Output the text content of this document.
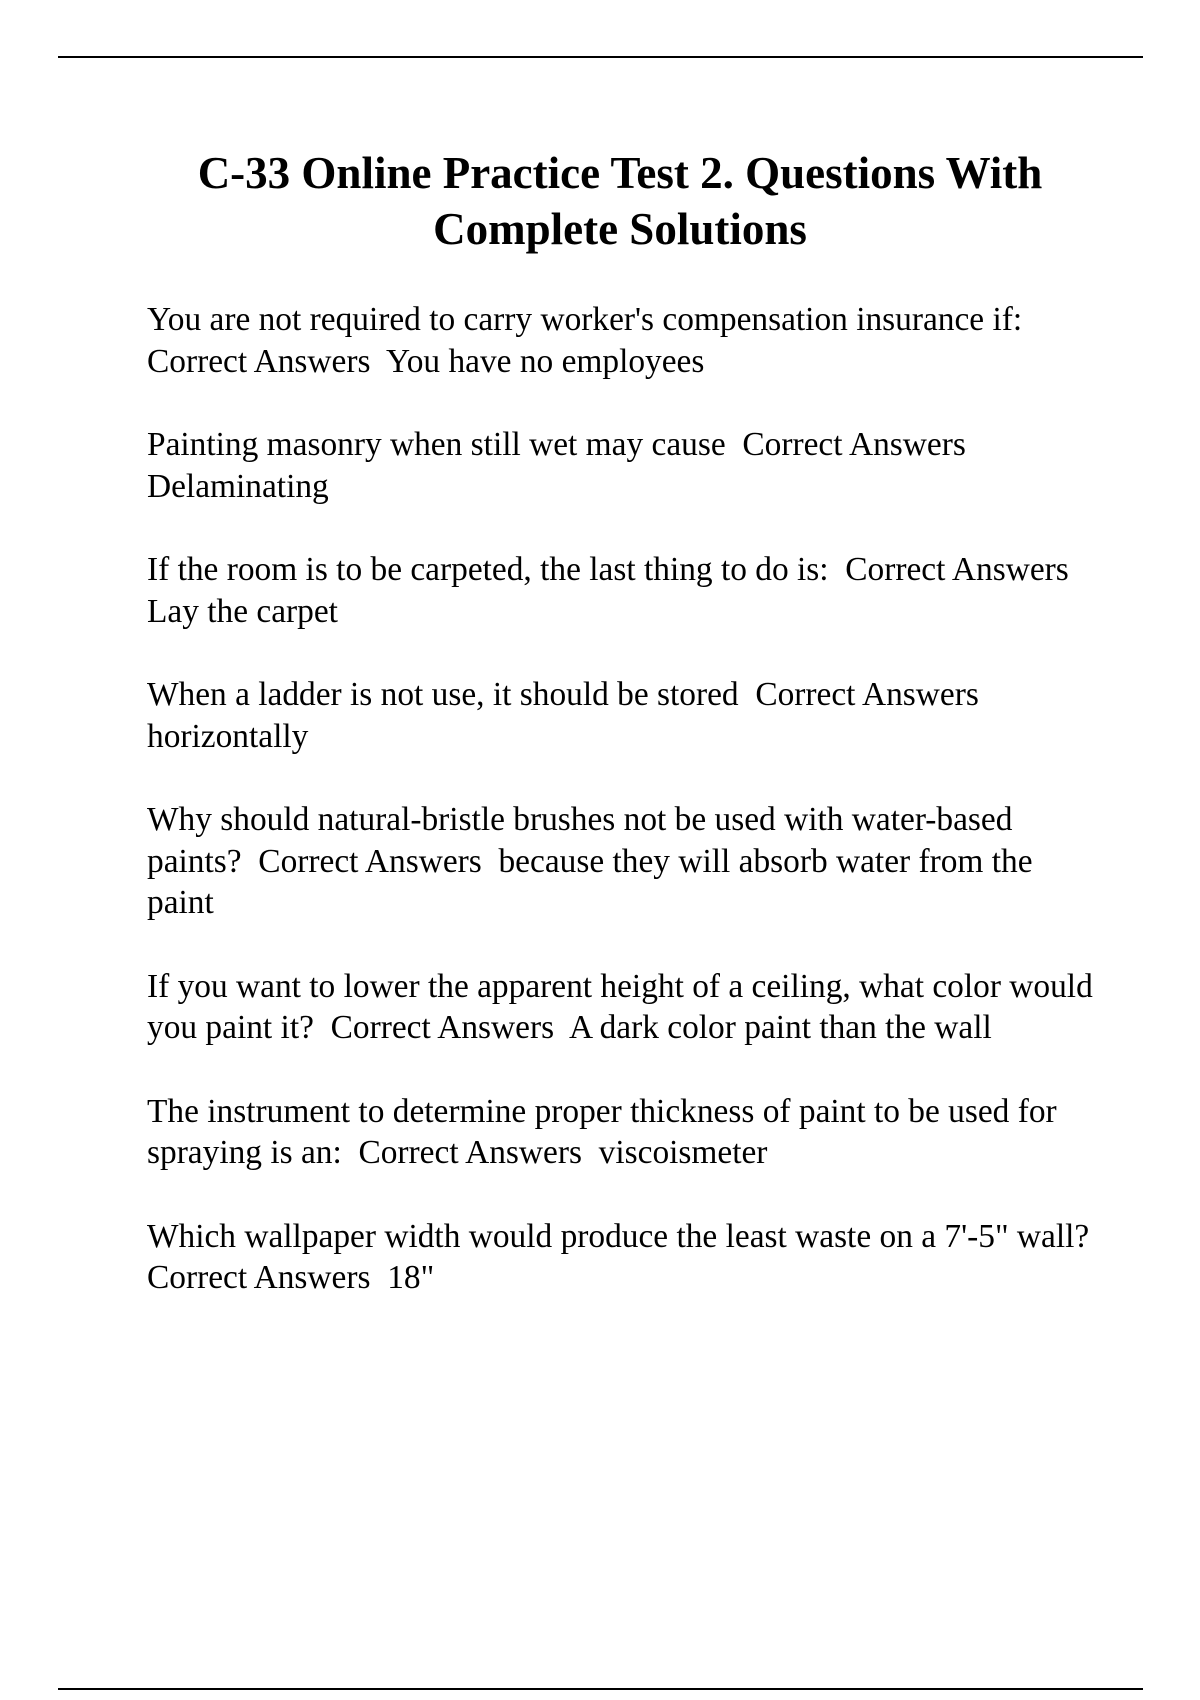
C-33 Online Practice Test 2. Questions With Complete Solutions
You are not required to carry worker's compensation insurance if:  Correct Answers You have no employees
Painting masonry when still wet may cause Correct Answers  Delaminating
If the room is to be carpeted, the last thing to do is: Correct Answers  Lay the carpet
When a ladder is not use, it should be stored Correct Answers  horizontally
Why should natural-bristle brushes not be used with water-based paints? Correct Answers because they will absorb water from the paint
If you want to lower the apparent height of a ceiling, what color would you paint it? Correct Answers A dark color paint than the wall
The instrument to determine proper thickness of paint to be used for spraying is an: Correct Answers viscoismeter
Which wallpaper width would produce the least waste on a 7'-5" wall?  Correct Answers 18"
